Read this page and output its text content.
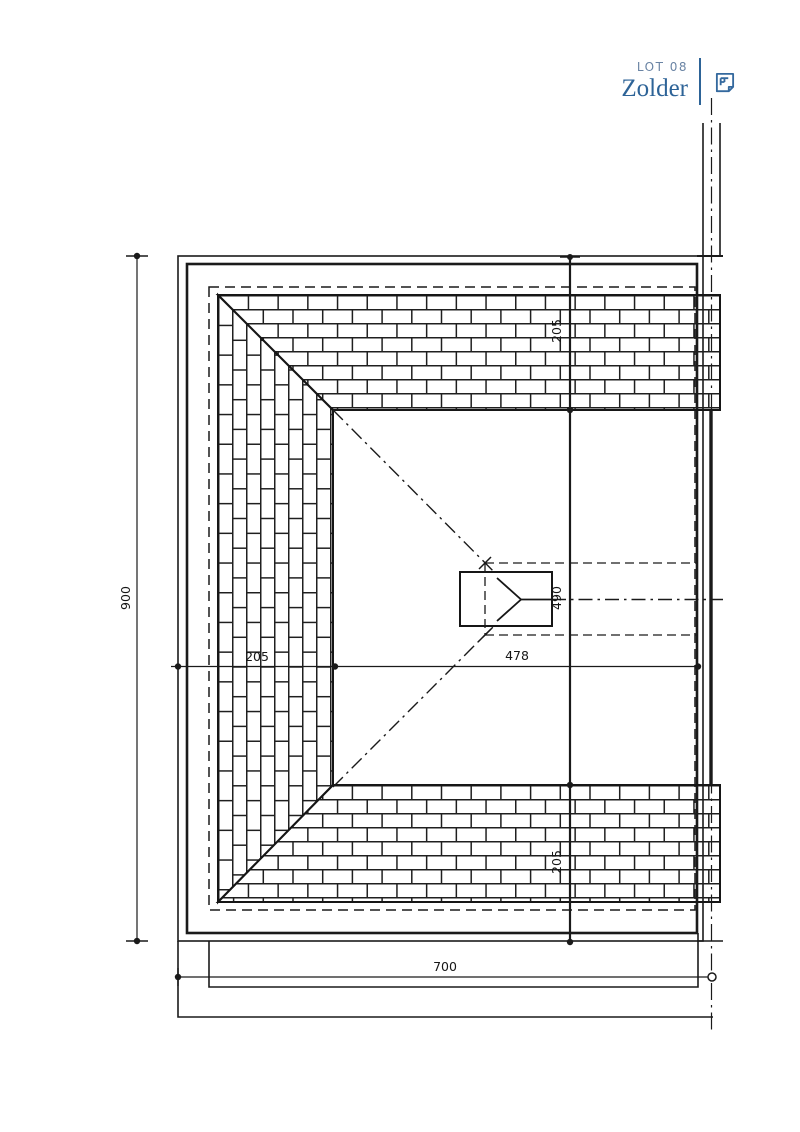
LOT 08
Zolder
900
205
490
205
205	478
700
